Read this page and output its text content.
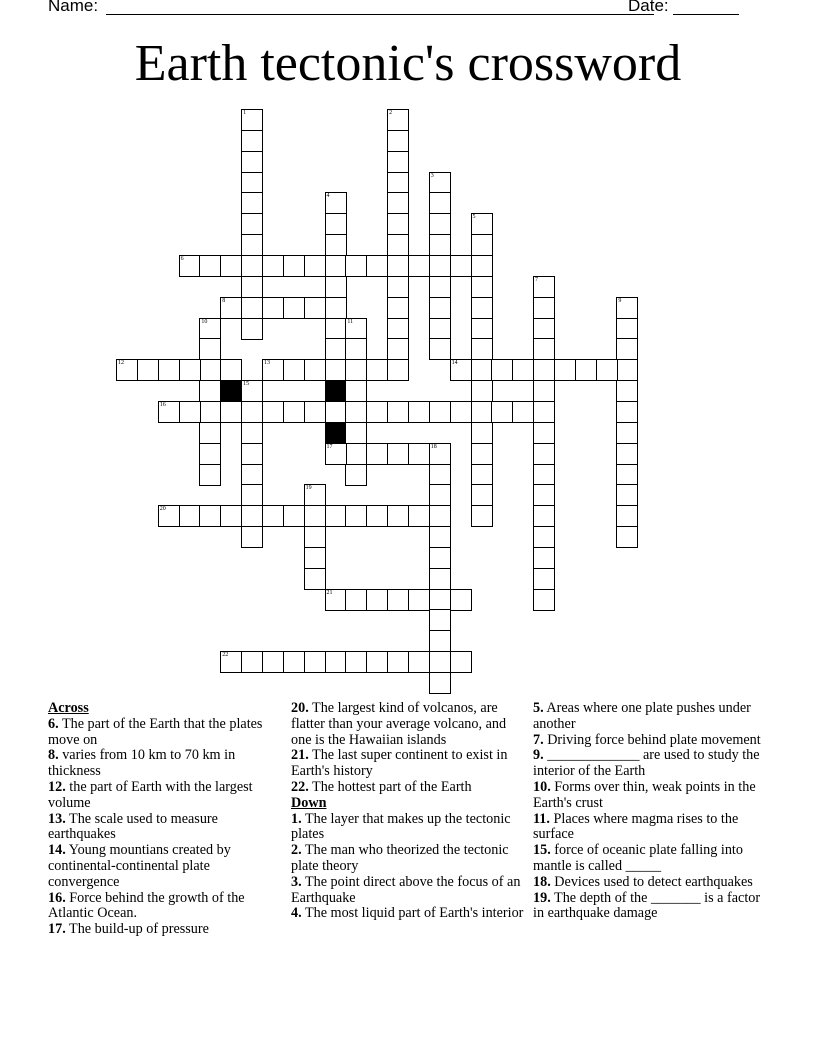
Name:	Date:
Earth tectonic's crossword
1	2
3
4
5
6
7
8	9
10	11
12	13	14
15
16
17	18
19
20
21
22
Across
6. The part of the Earth that the plates move on
8. varies from 10 km to 70 km in thickness
12. the part of Earth with the largest volume
13. The scale used to measure earthquakes
14. Young mountians created by continental-continental plate convergence
16. Force behind the growth of the Atlantic Ocean.
17. The build-up of pressure
20. The largest kind of volcanos, are flatter than your average volcano, and one is the Hawaiian islands
21. The last super continent to exist in Earth's history
22. The hottest part of the Earth
Down
1. The layer that makes up the tectonic plates
2. The man who theorized the tectonic plate theory
3. The point direct above the focus of an Earthquake
4. The most liquid part of Earth's interior
5. Areas where one plate pushes under another
7. Driving force behind plate movement
9. _____________ are used to study the interior of the Earth
10. Forms over thin, weak points in the Earth's crust
11. Places where magma rises to the surface
15. force of oceanic plate falling into mantle is called _____
18. Devices used to detect earthquakes
19. The depth of the _______ is a factor in earthquake damage
